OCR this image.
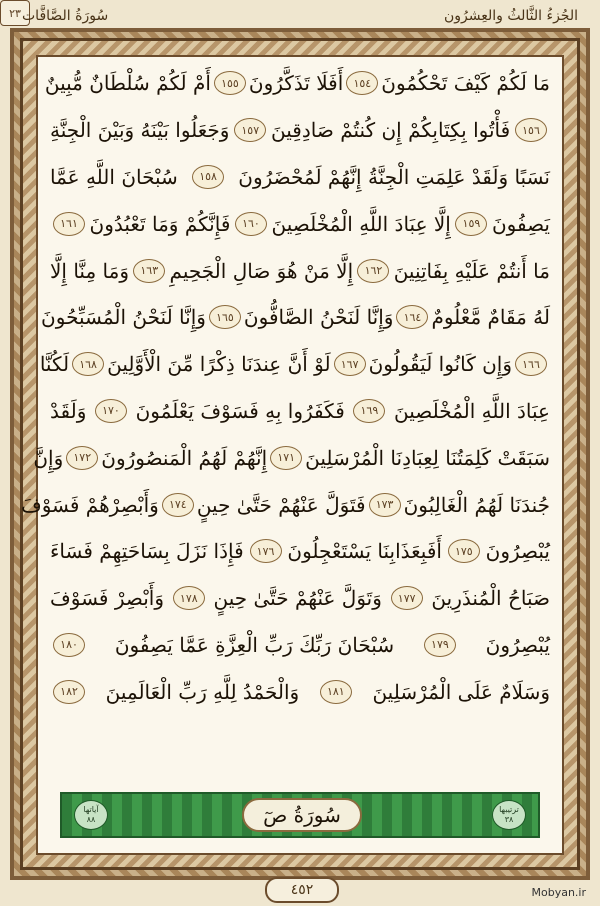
سُورَةُ الصَّافَّات
۲۳	الجُزءُ الثَّالثُ والعِشرُون
مَا لَكُمْ كَيْفَ تَحْكُمُونَ
١٥٤
أَفَلَا تَذَكَّرُونَ
١٥٥
أَمْ لَكُمْ سُلْطَانٌ مُّبِينٌ
١٥٦
فَأْتُوا بِكِتَابِكُمْ إِن كُنتُمْ صَادِقِينَ
١٥٧
وَجَعَلُوا بَيْنَهُ وَبَيْنَ الْجِنَّةِ
نَسَبًا وَلَقَدْ عَلِمَتِ الْجِنَّةُ إِنَّهُمْ لَمُحْضَرُونَ
١٥٨
سُبْحَانَ اللَّهِ عَمَّا
يَصِفُونَ
١٥٩
إِلَّا عِبَادَ اللَّهِ الْمُخْلَصِينَ
١٦٠
فَإِنَّكُمْ وَمَا تَعْبُدُونَ
١٦١
مَا أَنتُمْ عَلَيْهِ بِفَاتِنِينَ
١٦٢
إِلَّا مَنْ هُوَ صَالِ الْجَحِيمِ
١٦٣
وَمَا مِنَّا إِلَّا
لَهُ مَقَامٌ مَّعْلُومٌ
١٦٤
وَإِنَّا لَنَحْنُ الصَّافُّونَ
١٦٥
وَإِنَّا لَنَحْنُ الْمُسَبِّحُونَ
١٦٦
وَإِن كَانُوا لَيَقُولُونَ
١٦٧
لَوْ أَنَّ عِندَنَا ذِكْرًا مِّنَ الْأَوَّلِينَ
١٦٨
لَكُنَّا
عِبَادَ اللَّهِ الْمُخْلَصِينَ
١٦٩
فَكَفَرُوا بِهِ فَسَوْفَ يَعْلَمُونَ
١٧٠
وَلَقَدْ
سَبَقَتْ كَلِمَتُنَا لِعِبَادِنَا الْمُرْسَلِينَ
١٧١
إِنَّهُمْ لَهُمُ الْمَنصُورُونَ
١٧٢
وَإِنَّ
جُندَنَا لَهُمُ الْغَالِبُونَ
١٧٣
فَتَوَلَّ عَنْهُمْ حَتَّىٰ حِينٍ
١٧٤
وَأَبْصِرْهُمْ فَسَوْفَ
يُبْصِرُونَ
١٧٥
أَفَبِعَذَابِنَا يَسْتَعْجِلُونَ
١٧٦
فَإِذَا نَزَلَ بِسَاحَتِهِمْ فَسَاءَ
صَبَاحُ الْمُنذَرِينَ
١٧٧
وَتَوَلَّ عَنْهُمْ حَتَّىٰ حِينٍ
١٧٨
وَأَبْصِرْ فَسَوْفَ
يُبْصِرُونَ
١٧٩
سُبْحَانَ رَبِّكَ رَبِّ الْعِزَّةِ عَمَّا يَصِفُونَ
١٨٠
وَسَلَامٌ عَلَى الْمُرْسَلِينَ
١٨١
وَالْحَمْدُ لِلَّهِ رَبِّ الْعَالَمِينَ
١٨٢
آیاتها
٨٨	سُورَةُ صٓ	ترتيبها
٣٨
٤٥٢	Mobyan.ir
